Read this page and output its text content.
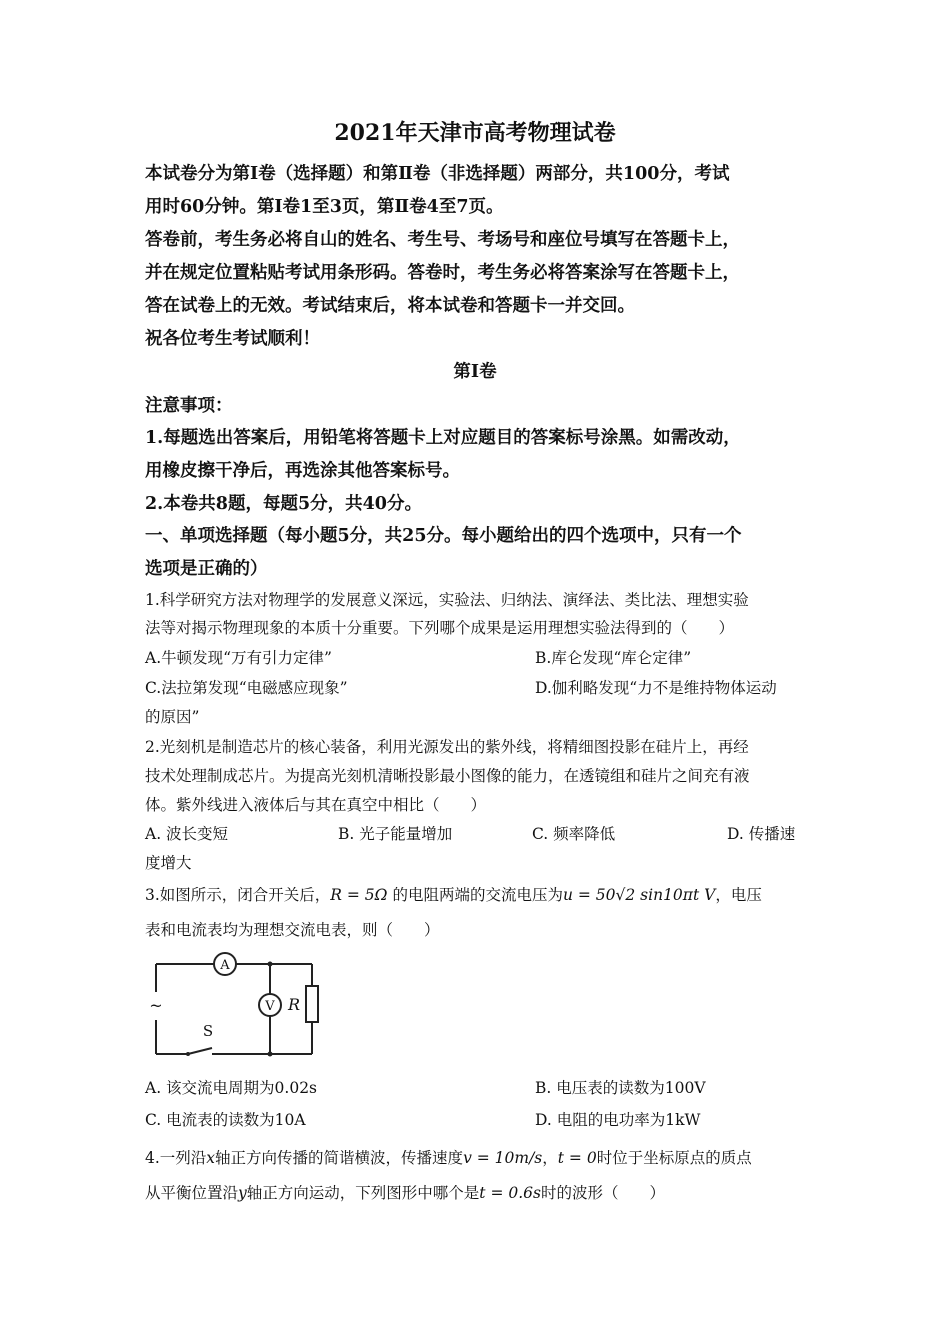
2021年天津市高考物理试卷
本试卷分为第Ⅰ卷（选择题）和第Ⅱ卷（非选择题）两部分，共100分，考试
用时60分钟。第Ⅰ卷1至3页，第Ⅱ卷4至7页。
答卷前，考生务必将自山的姓名、考生号、考场号和座位号填写在答题卡上，
并在规定位置粘贴考试用条形码。答卷时，考生务必将答案涂写在答题卡上，
答在试卷上的无效。考试结束后，将本试卷和答题卡一并交回。
祝各位考生考试顺利！
第Ⅰ卷
注意事项：
1.每题选出答案后，用铅笔将答题卡上对应题目的答案标号涂黑。如需改动，
用橡皮擦干净后，再选涂其他答案标号。
2.本卷共8题，每题5分，共40分。
一、单项选择题（每小题5分，共25分。每小题给出的四个选项中，只有一个
选项是正确的）
1.科学研究方法对物理学的发展意义深远，实验法、归纳法、演绎法、类比法、理想实验
法等对揭示物理现象的本质十分重要。下列哪个成果是运用理想实验法得到的（　　）
A.牛顿发现“万有引力定律”	B.库仑发现“库仑定律”
C.法拉第发现“电磁感应现象”	D.伽利略发现“力不是维持物体运动
的原因”
2.光刻机是制造芯片的核心装备，利用光源发出的紫外线，将精细图投影在硅片上，再经
技术处理制成芯片。为提高光刻机清晰投影最小图像的能力，在透镜组和硅片之间充有液
体。紫外线进入液体后与其在真空中相比（　　）
A. 波长变短	B. 光子能量增加	C. 频率降低	D. 传播速
度增大
3.如图所示，闭合开关后，R = 5Ω 的电阻两端的交流电压为u = 50√2 sin10πt V，电压
表和电流表均为理想交流电表，则（　　）
A
V R
S
~
A. 该交流电周期为0.02s	B. 电压表的读数为100V
C. 电流表的读数为10A	D. 电阻的电功率为1kW
4.一列沿x轴正方向传播的简谐横波，传播速度v = 10m/s，t = 0时位于坐标原点的质点
从平衡位置沿y轴正方向运动，下列图形中哪个是t = 0.6s时的波形（　　）
